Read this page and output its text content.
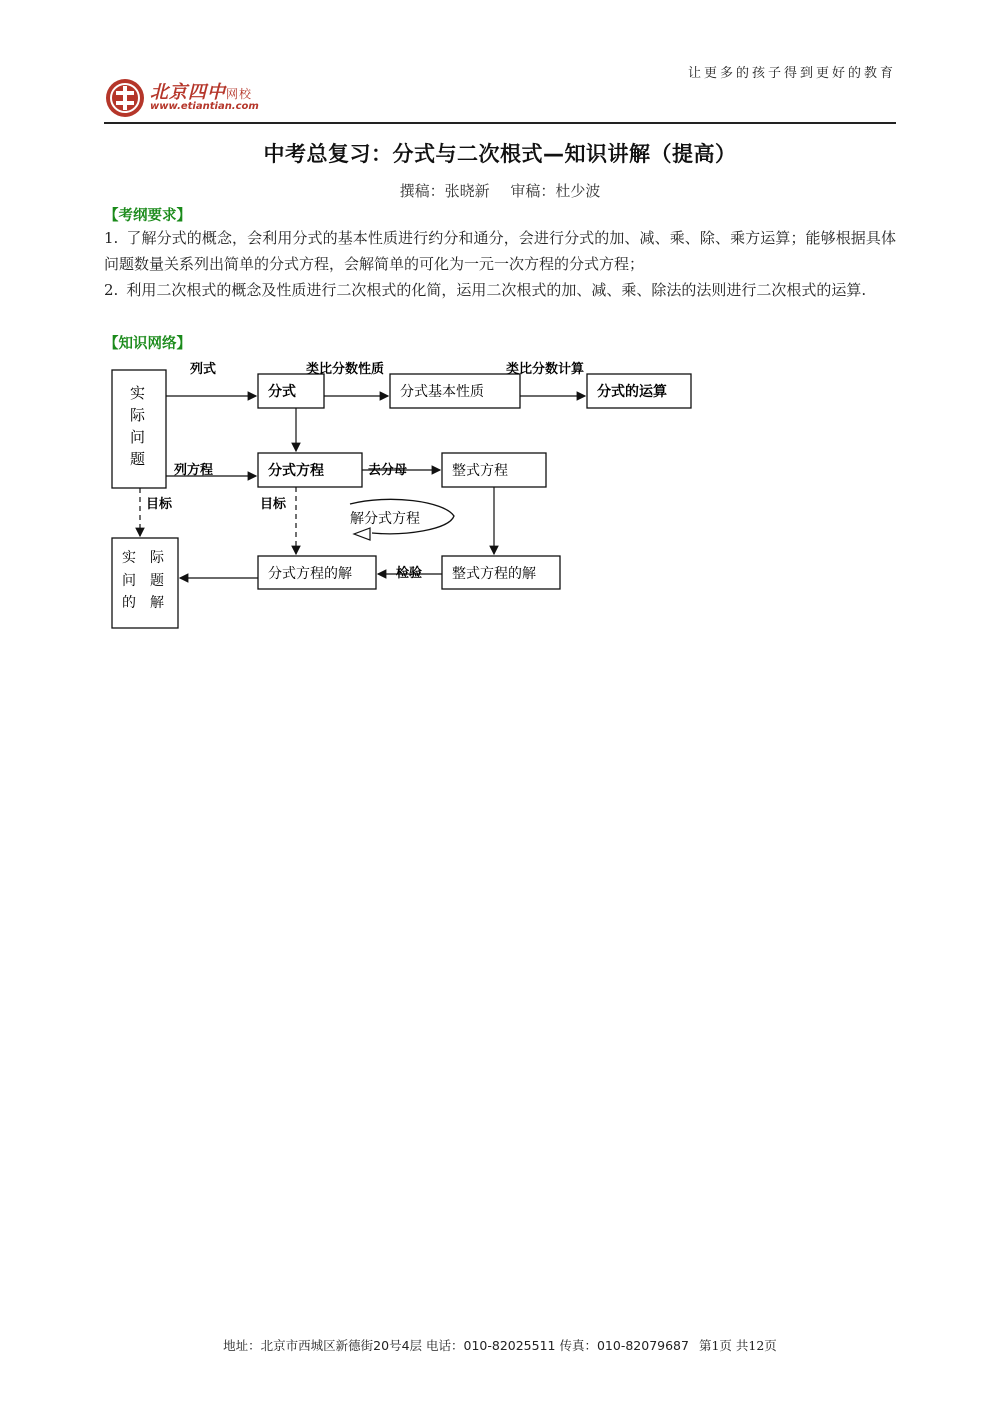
让更多的孩子得到更好的教育
北京四中网校
www.etiantian.com
中考总复习：分式与二次根式—知识讲解（提高）
撰稿：张晓新 审稿：杜少波
【考纲要求】
1. 了解分式的概念，会利用分式的基本性质进行约分和通分，会进行分式的加、减、乘、除、乘方运算；能够根据具体问题数量关系列出简单的分式方程，会解简单的可化为一元一次方程的分式方程；
2. 利用二次根式的概念及性质进行二次根式的化简，运用二次根式的加、减、乘、除法的法则进行二次根式的运算.
【知识网络】
实
际
问
题
分式	分式基本性质	分式的运算
分式方程	整式方程
分式方程的解	整式方程的解
实 际
问 题
的 解
列式	类比分数性质	类比分数计算
列方程	去分母
目标	目标
解分式方程
检验
地址：北京市西城区新德街20号4层 电话：010-82025511 传真：010-82079687 第1页 共12页
